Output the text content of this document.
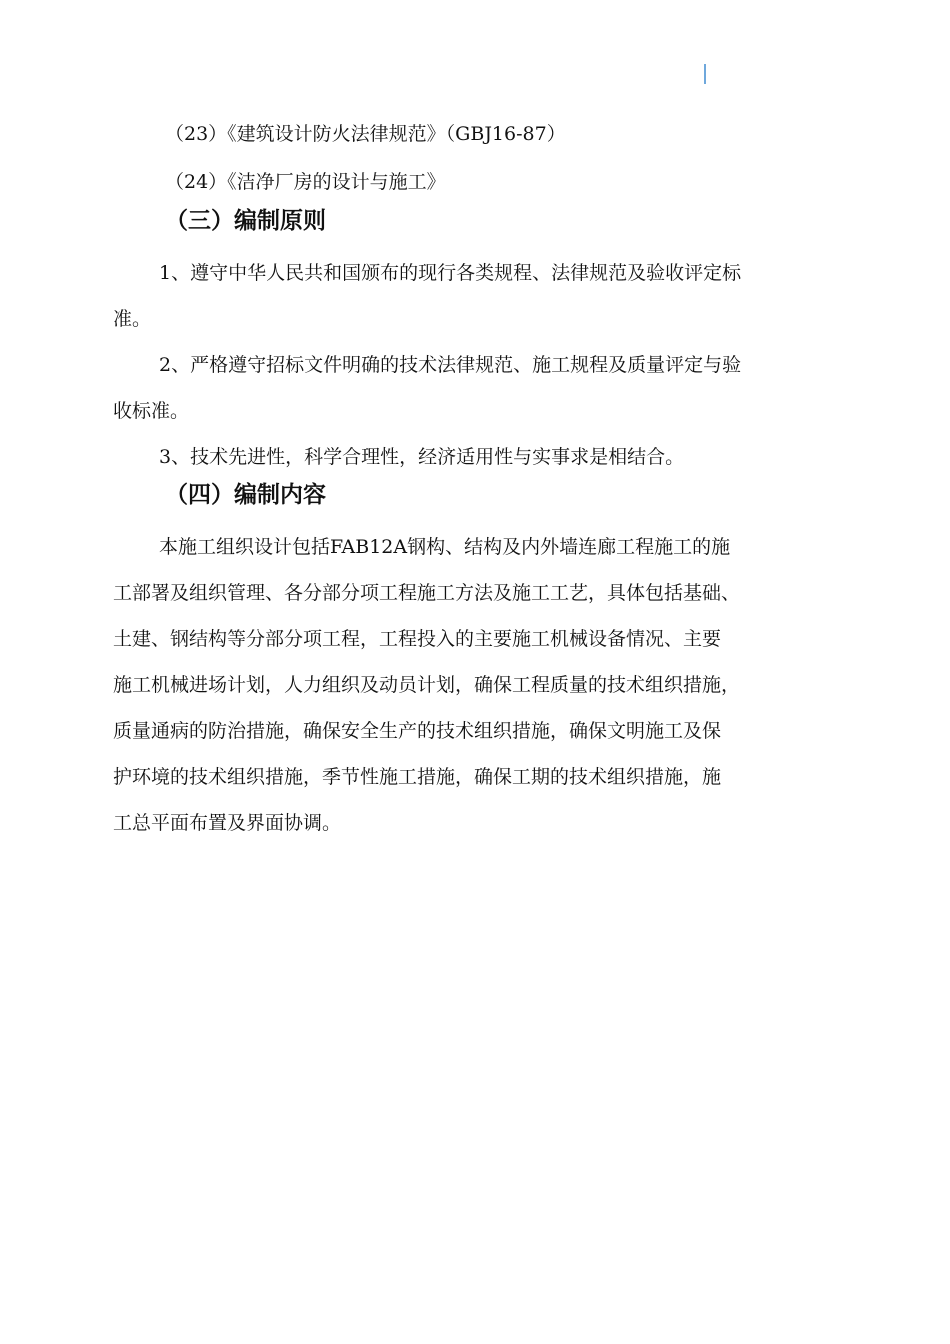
（23）《建筑设计防火法律规范》（GBJ16-87）
（24）《洁净厂房的设计与施工》
（三）编制原则
1、遵守中华人民共和国颁布的现行各类规程、法律规范及验收评定标
准。
2、严格遵守招标文件明确的技术法律规范、施工规程及质量评定与验
收标准。
3、技术先进性，科学合理性，经济适用性与实事求是相结合。
（四）编制内容
本施工组织设计包括FAB12A钢构、结构及内外墙连廊工程施工的施
工部署及组织管理、各分部分项工程施工方法及施工工艺，具体包括基础、
土建、钢结构等分部分项工程，工程投入的主要施工机械设备情况、主要
施工机械进场计划，人力组织及动员计划，确保工程质量的技术组织措施，
质量通病的防治措施，确保安全生产的技术组织措施，确保文明施工及保
护环境的技术组织措施，季节性施工措施，确保工期的技术组织措施，施
工总平面布置及界面协调。
